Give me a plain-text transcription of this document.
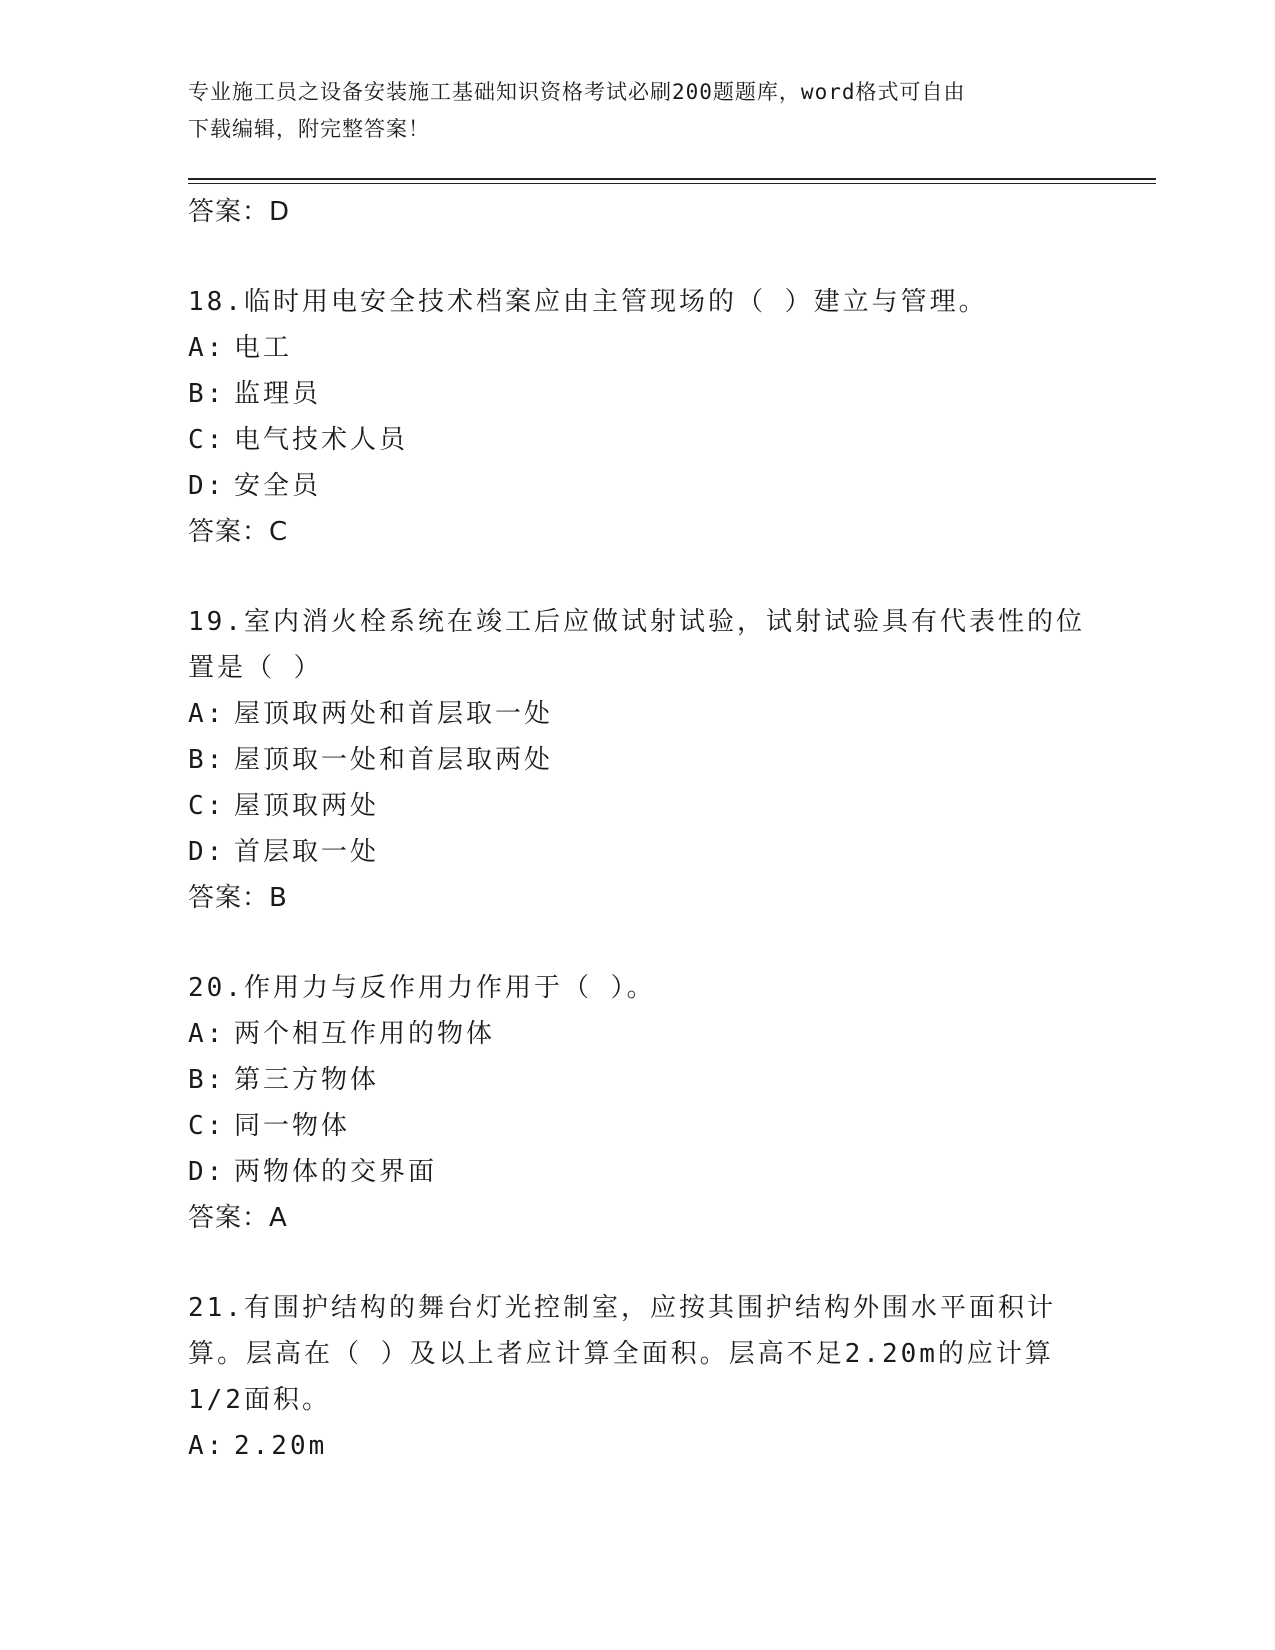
专业施工员之设备安装施工基础知识资格考试必刷200题题库，word格式可自由
下载编辑，附完整答案！
答案：D
18.临时用电安全技术档案应由主管现场的（ ）建立与管理。
A: 电工
B: 监理员
C: 电气技术人员
D: 安全员
答案：C
19.室内消火栓系统在竣工后应做试射试验，试射试验具有代表性的位置是（ ）
A: 屋顶取两处和首层取一处
B: 屋顶取一处和首层取两处
C: 屋顶取两处
D: 首层取一处
答案：B
20.作用力与反作用力作用于（ ）。
A: 两个相互作用的物体
B: 第三方物体
C: 同一物体
D: 两物体的交界面
答案：A
21.有围护结构的舞台灯光控制室，应按其围护结构外围水平面积计算。层高在（ ）及以上者应计算全面积。层高不足2.20m的应计算1/2面积。
A: 2.20m
